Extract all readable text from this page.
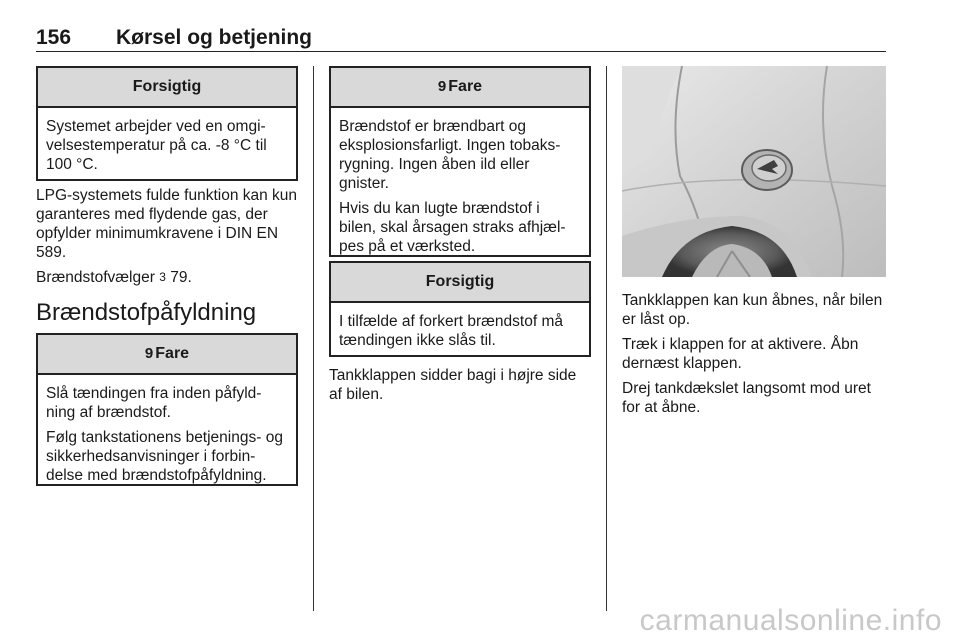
156 Kørsel og betjening
Forsigtig

Systemet arbejder ved en omgi-velsestemperatur på ca. -8 °C til 100 °C.

LPG-systemets fulde funktion kan kun garanteres med flydende gas, der opfylder minimumkravene i DIN EN 589.

Brændstofvælger 3 79.

Brændstofpåfyldning
9 Fare

Slå tændingen fra inden påfyld-ning af brændstof.

Følg tankstationens betjenings- og sikkerhedsanvisninger i forbin-delse med brændstofpåfyldning.

9 Fare

Brændstof er brændbart og eksplosionsfarligt. Ingen tobaks-rygning. Ingen åben ild eller gnister.

Hvis du kan lugte brændstof i bilen, skal årsagen straks afhjæl-pes på et værksted.

Forsigtig

I tilfælde af forkert brændstof må tændingen ikke slås til.

Tankklappen sidder bagi i højre side af bilen.

Tankklappen kan kun åbnes, når bilen er låst op.

Træk i klappen for at aktivere. Åbn dernæst klappen.

Drej tankdækslet langsomt mod uret for at åbne.

carmanualsonline.info
